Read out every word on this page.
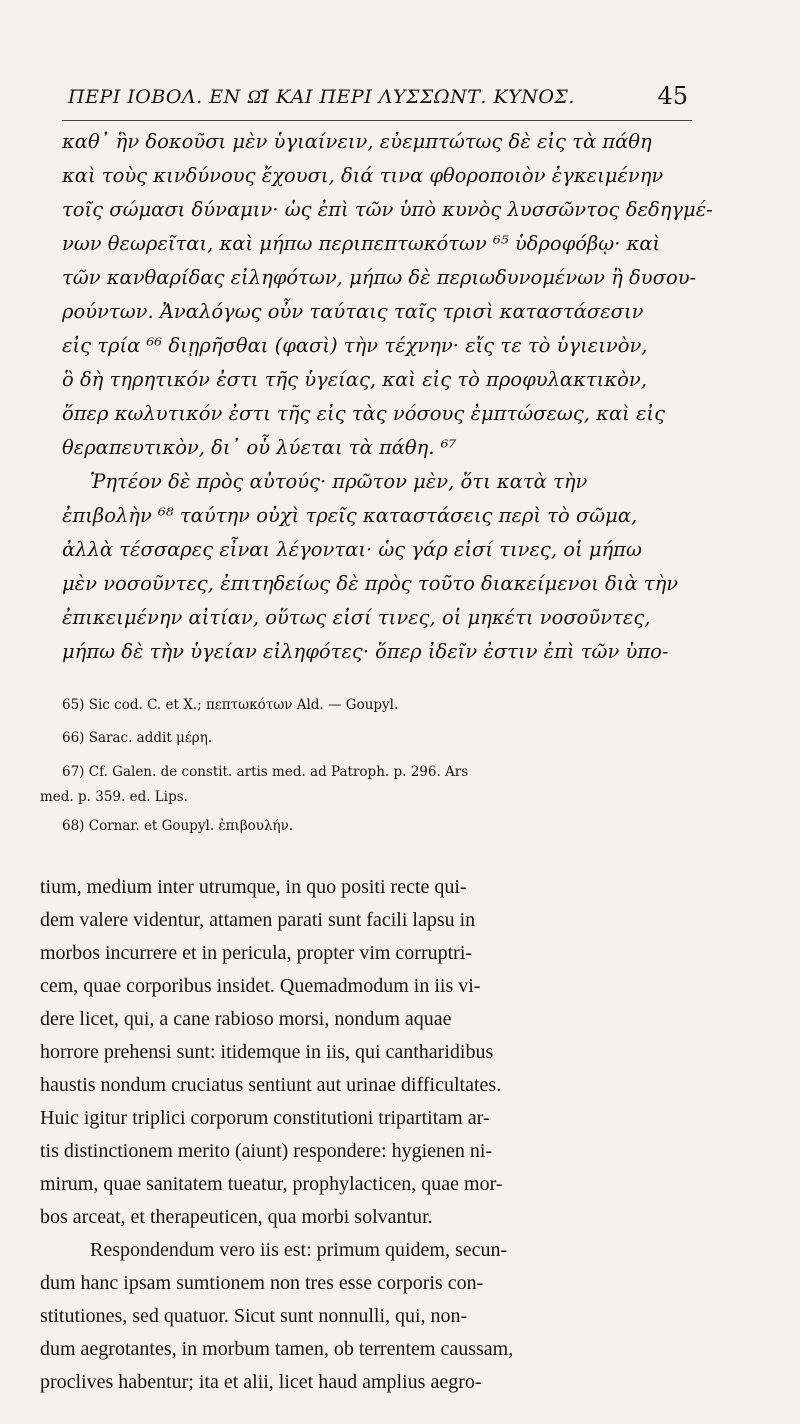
ΠΕΡΙ ΙΟΒΟΛ. ΕΝ Ω͂Ι ΚΑΙ ΠΕΡΙ ΛΥΣΣΩΝΤ. ΚΥΝΟΣ.	45
καθ᾽ ἣν δοκοῦσι μὲν ὑγιαίνειν, εὐεμπτώτως δὲ εἰς τὰ πάθη
καὶ τοὺς κινδύνους ἔχουσι, διά τινα φθοροποιὸν ἐγκειμένην
τοῖς σώμασι δύναμιν· ὡς ἐπὶ τῶν ὑπὸ κυνὸς λυσσῶντος δεδηγμέ-
νων θεωρεῖται, καὶ μήπω περιπεπτωκότων ⁶⁵ ὑδροφόβῳ· καὶ
τῶν κανθαρίδας εἰληφότων, μήπω δὲ περιωδυνομένων ἢ δυσου-
ρούντων. Ἀναλόγως οὖν ταύταις ταῖς τρισὶ καταστάσεσιν
εἰς τρία ⁶⁶ διῃρῆσθαι (φασὶ) τὴν τέχνην· εἴς τε τὸ ὑγιεινὸν,
ὃ δὴ τηρητικόν ἐστι τῆς ὑγείας, καὶ εἰς τὸ προφυλακτικὸν,
ὅπερ κωλυτικόν ἐστι τῆς εἰς τὰς νόσους ἐμπτώσεως, καὶ εἰς
θεραπευτικὸν, δι᾽ οὗ λύεται τὰ πάθη. ⁶⁷
Ῥητέον δὲ πρὸς αὐτούς· πρῶτον μὲν, ὅτι κατὰ τὴν
ἐπιβολὴν ⁶⁸ ταύτην οὐχὶ τρεῖς καταστάσεις περὶ τὸ σῶμα,
ἀλλὰ τέσσαρες εἶναι λέγονται· ὡς γάρ εἰσί τινες, οἱ μήπω
μὲν νοσοῦντες, ἐπιτηδείως δὲ πρὸς τοῦτο διακείμενοι διὰ τὴν
ἐπικειμένην αἰτίαν, οὕτως εἰσί τινες, οἱ μηκέτι νοσοῦντες,
μήπω δὲ τὴν ὑγείαν εἰληφότες· ὅπερ ἰδεῖν ἐστιν ἐπὶ τῶν ὑπο-
65) Sic cod. C. et X.; πεπτωκότων Ald. — Goupyl.
66) Sarac. addit μέρη.
67) Cf. Galen. de constit. artis med. ad Patroph. p. 296. Ars
med. p. 359. ed. Lips.
68) Cornar. et Goupyl. ἐπιβουλήν.
tium, medium inter utrumque, in quo positi recte qui-
dem valere videntur, attamen parati sunt facili lapsu in
morbos incurrere et in pericula, propter vim corruptri-
cem, quae corporibus insidet. Quemadmodum in iis vi-
dere licet, qui, a cane rabioso morsi, nondum aquae
horrore prehensi sunt: itidemque in iis, qui cantharidibus
haustis nondum cruciatus sentiunt aut urinae difficultates.
Huic igitur triplici corporum constitutioni tripartitam ar-
tis distinctionem merito (aiunt) respondere: hygienen ni-
mirum, quae sanitatem tueatur, prophylacticen, quae mor-
bos arceat, et therapeuticen, qua morbi solvantur.
Respondendum vero iis est: primum quidem, secun-
dum hanc ipsam sumtionem non tres esse corporis con-
stitutiones, sed quatuor. Sicut sunt nonnulli, qui, non-
dum aegrotantes, in morbum tamen, ob terrentem caussam,
proclives habentur; ita et alii, licet haud amplius aegro-
